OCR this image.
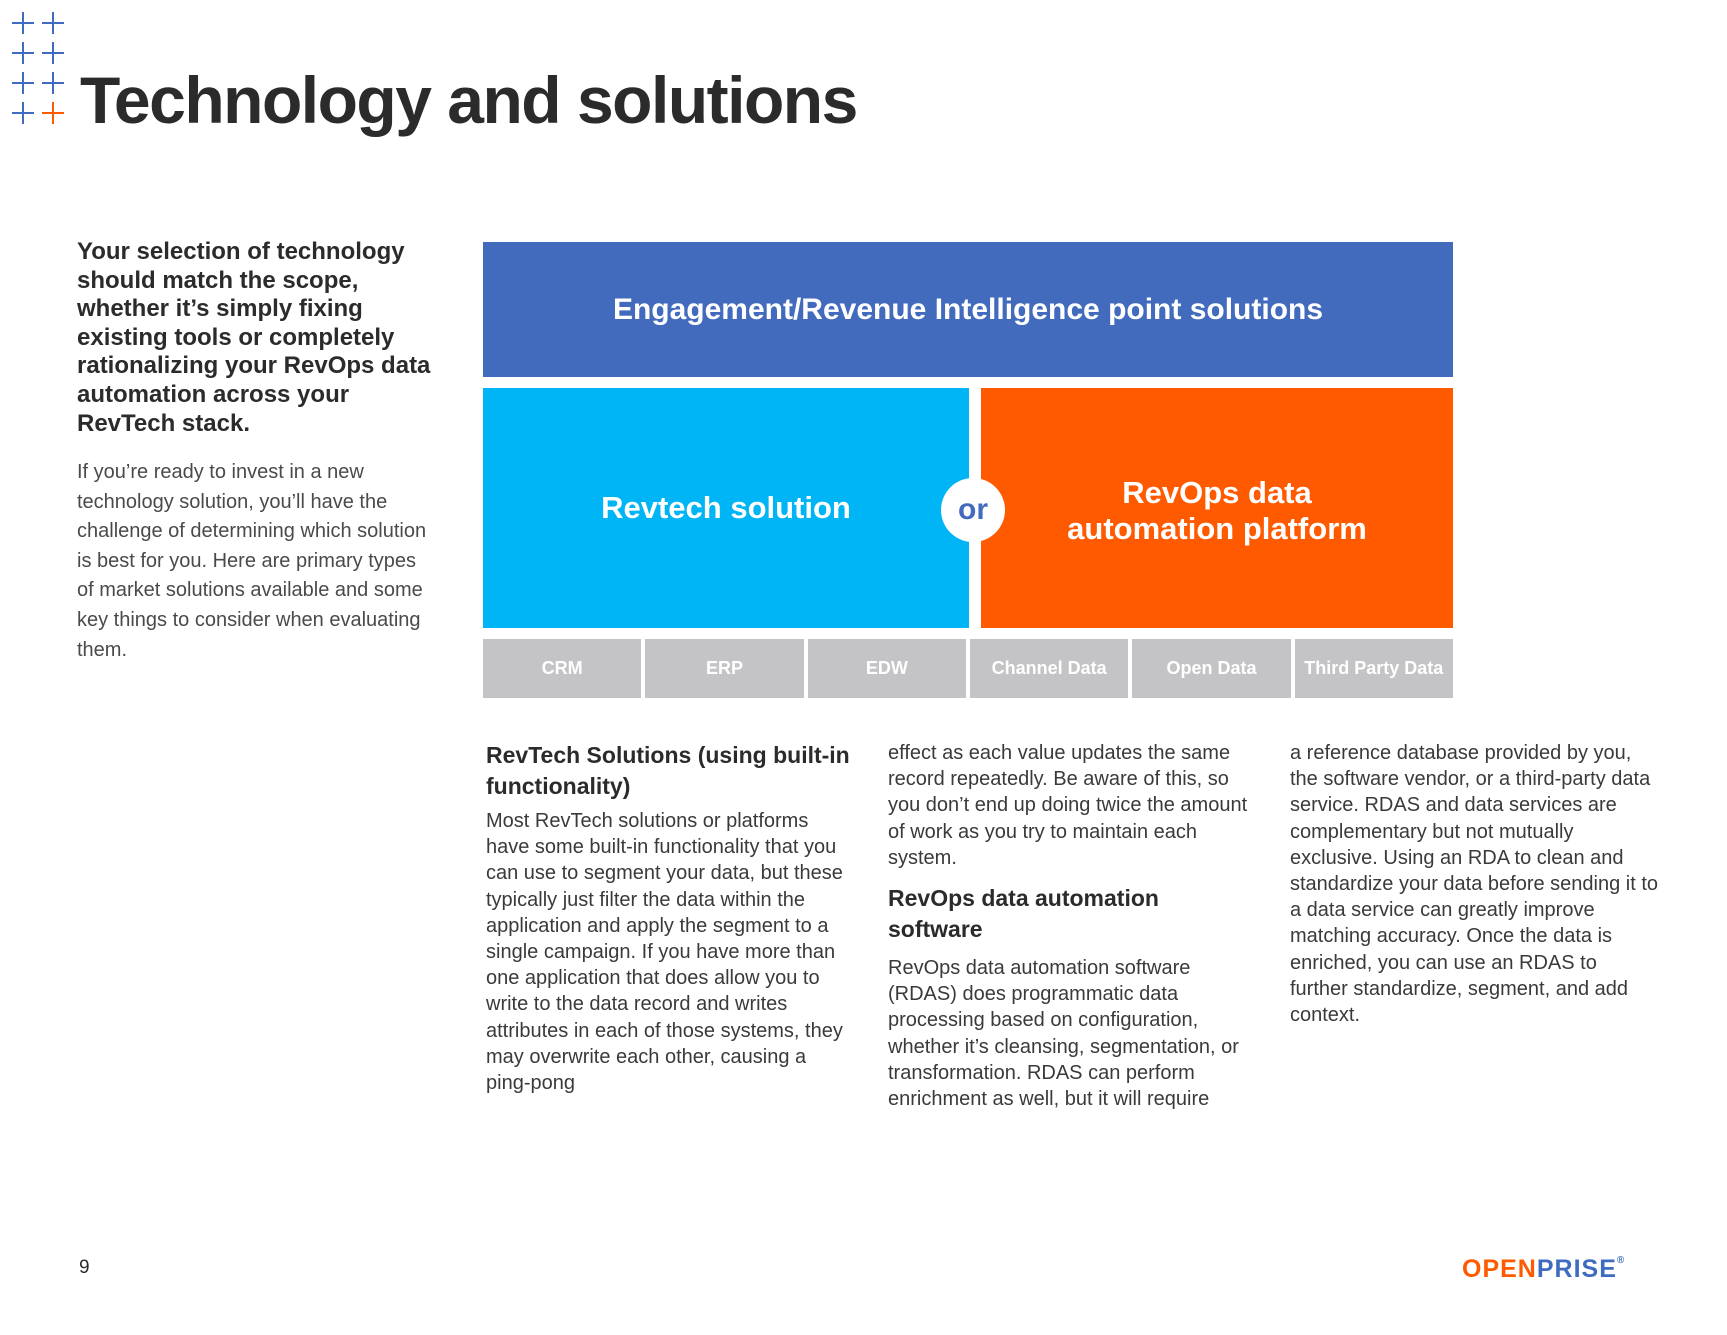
Technology and solutions

Your selection of technology should match the scope, whether it’s simply fixing existing tools or completely rationalizing your RevOps data automation across your RevTech stack.

If you’re ready to invest in a new technology solution, you’ll have the challenge of determining which solution is best for you. Here are primary types of market solutions available and some key things to consider when evaluating them.

Engagement/Revenue Intelligence point solutions
Revtech solution	RevOps data automation platform
or
CRM	ERP	EDW	Channel Data	Open Data	Third Party Data
RevTech Solutions (using built-in functionality)

Most RevTech solutions or platforms have some built-in functionality that you can use to segment your data, but these typically just filter the data within the application and apply the segment to a single campaign. If you have more than one application that does allow you to write to the data record and writes attributes in each of those systems, they may overwrite each other, causing a ping-pong

effect as each value updates the same record repeatedly. Be aware of this, so you don’t end up doing twice the amount of work as you try to maintain each system.

RevOps data automation software

RevOps data automation software (RDAS) does programmatic data processing based on configuration, whether it’s cleansing, segmentation, or transformation. RDAS can perform enrichment as well, but it will require

a reference database provided by you, the software vendor, or a third-party data service. RDAS and data services are complementary but not mutually exclusive. Using an RDA to clean and standardize your data before sending it to a data service can greatly improve matching accuracy. Once the data is enriched, you can use an RDAS to further standardize, segment, and add context.

9	OPENPRISE®
